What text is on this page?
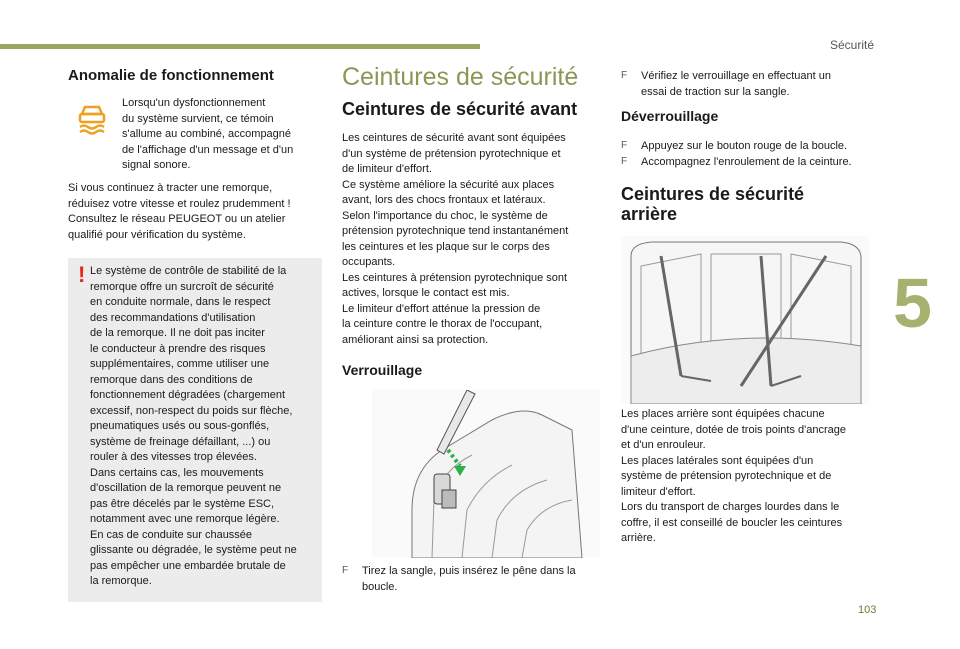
Sécurité
5
103
Anomalie de fonctionnement

Lorsqu'un dysfonctionnement

du système survient, ce témoin

s'allume au combiné, accompagné

de l'affichage d'un message et d'un

signal sonore.

Si vous continuez à tracter une remorque,

réduisez votre vitesse et roulez prudemment !

Consultez le réseau PEUGEOT ou un atelier

qualifié pour vérification du système.

! Le système de contrôle de stabilité de la

remorque offre un surcroît de sécurité

en conduite normale, dans le respect

des recommandations d'utilisation

de la remorque. Il ne doit pas inciter

le conducteur à prendre des risques

supplémentaires, comme utiliser une

remorque dans des conditions de

fonctionnement dégradées (chargement

excessif, non-respect du poids sur flèche,

pneumatiques usés ou sous-gonflés,

système de freinage défaillant, ...) ou

rouler à des vitesses trop élevées.

Dans certains cas, les mouvements

d'oscillation de la remorque peuvent ne

pas être décelés par le système ESC,

notamment avec une remorque légère.

En cas de conduite sur chaussée

glissante ou dégradée, le système peut ne

pas empêcher une embardée brutale de

la remorque.

Ceintures de sécurité
Ceintures de sécurité avant

Les ceintures de sécurité avant sont équipées

d'un système de prétension pyrotechnique et

de limiteur d'effort.

Ce système améliore la sécurité aux places

avant, lors des chocs frontaux et latéraux.

Selon l'importance du choc, le système de

prétension pyrotechnique tend instantanément

les ceintures et les plaque sur le corps des

occupants.

Les ceintures à prétension pyrotechnique sont

actives, lorsque le contact est mis.

Le limiteur d'effort atténue la pression de

la ceinture contre le thorax de l'occupant,

améliorant ainsi sa protection.

Verrouillage
F	Tirez la sangle, puis insérez le pêne dans la

boucle.

F	Vérifiez le verrouillage en effectuant un

essai de traction sur la sangle.

Déverrouillage
F	Appuyez sur le bouton rouge de la boucle.

F	Accompagnez l'enroulement de la ceinture.

Ceintures de sécurité
arrière

Les places arrière sont équipées chacune

d'une ceinture, dotée de trois points d'ancrage

et d'un enrouleur.

Les places latérales sont équipées d'un

système de prétension pyrotechnique et de

limiteur d'effort.

Lors du transport de charges lourdes dans le

coffre, il est conseillé de boucler les ceintures

arrière.
